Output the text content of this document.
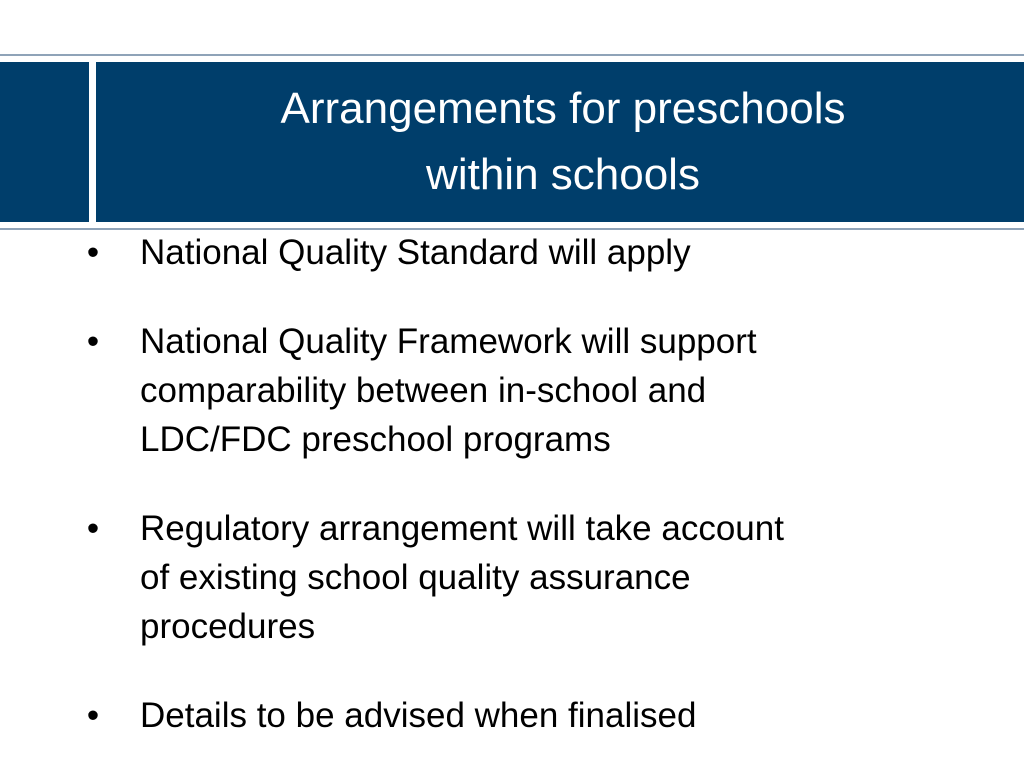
Arrangements for preschools
within schools
• National Quality Standard will apply
• National Quality Framework will support
comparability between in-school and
LDC/FDC preschool programs
• Regulatory arrangement will take account
of existing school quality assurance
procedures
• Details to be advised when finalised
